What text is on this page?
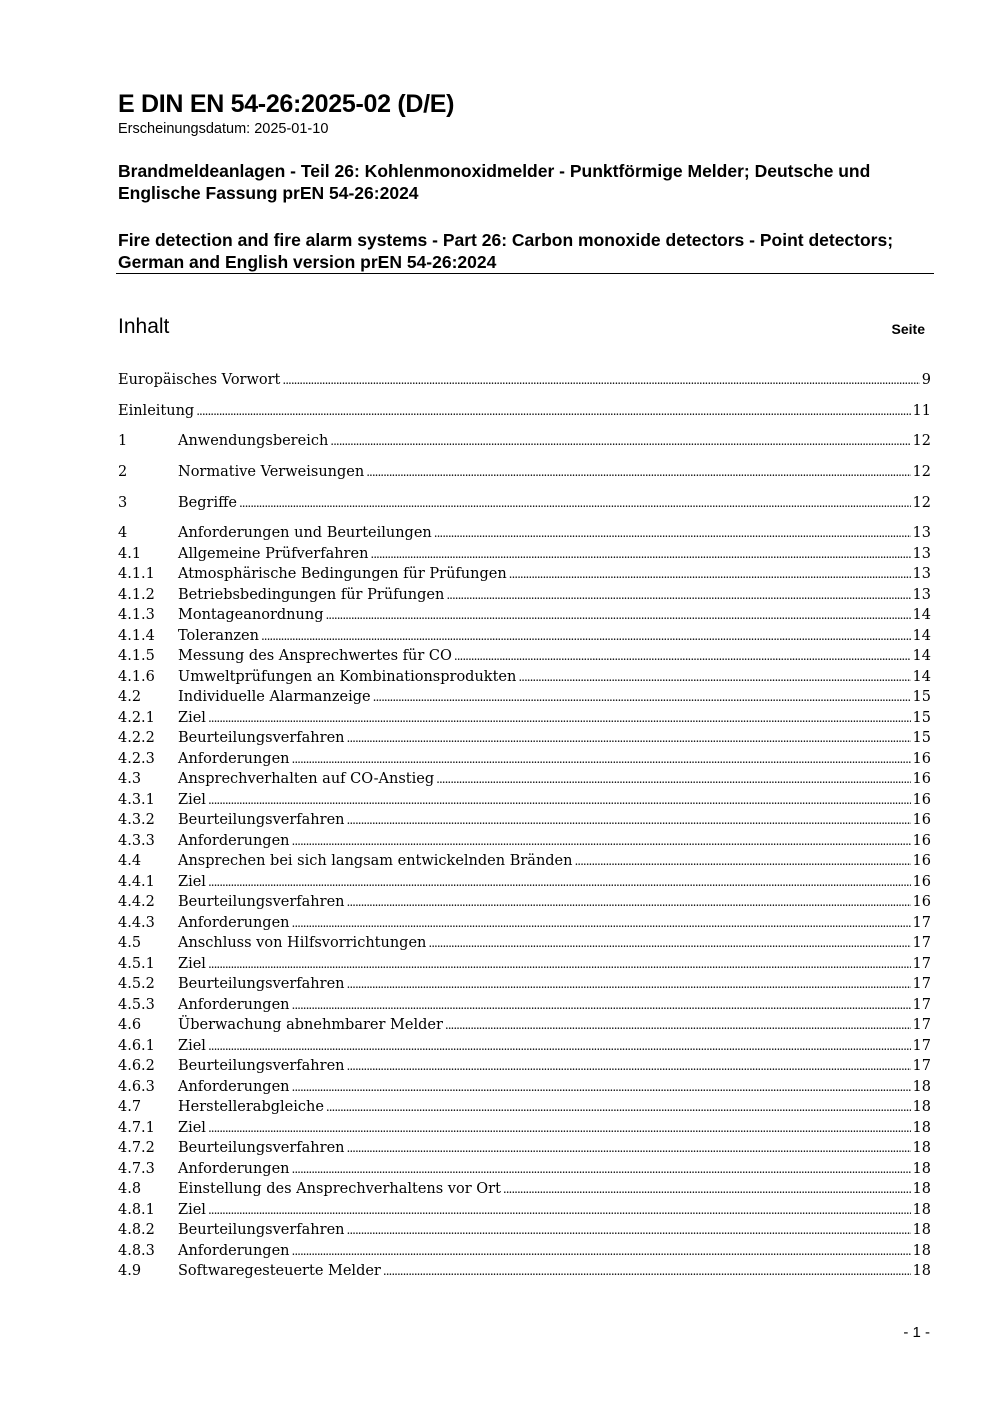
E DIN EN 54-26:2025-02 (D/E)
Erscheinungsdatum: 2025-01-10
Brandmeldeanlagen - Teil 26: Kohlenmonoxidmelder - Punktförmige Melder; Deutsche und Englische Fassung prEN 54-26:2024
Fire detection and fire alarm systems - Part 26: Carbon monoxide detectors - Point detectors; German and English version prEN 54-26:2024
Inhalt	Seite
Europäisches Vorwort .....	9
Einleitung .....	11
1	Anwendungsbereich .....	12
2	Normative Verweisungen .....	12
3	Begriffe .....	12
4	Anforderungen und Beurteilungen .....	13
4.1	Allgemeine Prüfverfahren .....	13
4.1.1 Atmosphärische Bedingungen für Prüfungen .....	13
4.1.2 Betriebsbedingungen für Prüfungen .....	13
4.1.3 Montageanordnung .....	14
4.1.4 Toleranzen .....	14
4.1.5 Messung des Ansprechwertes für CO .....	14
4.1.6 Umweltprüfungen an Kombinationsprodukten .....	14
4.2	Individuelle Alarmanzeige .....	15
4.2.1 Ziel .....	15
4.2.2 Beurteilungsverfahren .....	15
4.2.3 Anforderungen .....	16
4.3	Ansprechverhalten auf CO-Anstieg .....	16
4.3.1 Ziel .....	16
4.3.2 Beurteilungsverfahren .....	16
4.3.3 Anforderungen .....	16
4.4	Ansprechen bei sich langsam entwickelnden Bränden .....	16
4.4.1 Ziel .....	16
4.4.2 Beurteilungsverfahren .....	16
4.4.3 Anforderungen .....	17
4.5	Anschluss von Hilfsvorrichtungen .....	17
4.5.1 Ziel .....	17
4.5.2 Beurteilungsverfahren .....	17
4.5.3 Anforderungen .....	17
4.6	Überwachung abnehmbarer Melder .....	17
4.6.1 Ziel .....	17
4.6.2 Beurteilungsverfahren .....	17
4.6.3 Anforderungen .....	18
4.7	Herstellerabgleiche .....	18
4.7.1 Ziel .....	18
4.7.2 Beurteilungsverfahren .....	18
4.7.3 Anforderungen .....	18
4.8	Einstellung des Ansprechverhaltens vor Ort .....	18
4.8.1 Ziel .....	18
4.8.2 Beurteilungsverfahren .....	18
4.8.3 Anforderungen .....	18
4.9	Softwaregesteuerte Melder .....	18
- 1 -
